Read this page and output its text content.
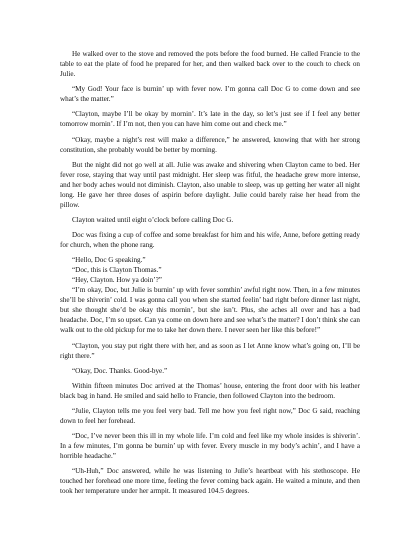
He walked over to the stove and removed the pots before the food burned. He called Francie to the table to eat the plate of food he prepared for her, and then walked back over to the couch to check on Julie.

“My God! Your face is burnin’ up with fever now. I’m gonna call Doc G to come down and see what’s the matter.”

“Clayton, maybe I’ll be okay by mornin’. It’s late in the day, so let’s just see if I feel any better tomorrow mornin’. If I’m not, then you can have him come out and check me.”

“Okay, maybe a night’s rest will make a difference,” he answered, knowing that with her strong constitution, she probably would be better by morning.

But the night did not go well at all. Julie was awake and shivering when Clayton came to bed. Her fever rose, staying that way until past midnight. Her sleep was fitful, the headache grew more intense, and her body aches would not diminish. Clayton, also unable to sleep, was up getting her water all night long. He gave her three doses of aspirin before daylight. Julie could barely raise her head from the pillow.

Clayton waited until eight o’clock before calling Doc G.

Doc was fixing a cup of coffee and some breakfast for him and his wife, Anne, before getting ready for church, when the phone rang.

“Hello, Doc G speaking.”

“Doc, this is Clayton Thomas.”

“Hey, Clayton. How ya doin’?”

“I’m okay, Doc, but Julie is burnin’ up with fever somthin’ awful right now. Then, in a few minutes she’ll be shiverin’ cold. I was gonna call you when she started feelin’ bad right before dinner last night, but she thought she’d be okay this mornin’, but she isn’t. Plus, she aches all over and has a bad headache. Doc, I’m so upset. Can ya come on down here and see what’s the matter? I don’t think she can walk out to the old pickup for me to take her down there. I never seen her like this before!”

“Clayton, you stay put right there with her, and as soon as I let Anne know what’s going on, I’ll be right there.”

“Okay, Doc. Thanks. Good-bye.”

Within fifteen minutes Doc arrived at the Thomas’ house, entering the front door with his leather black bag in hand. He smiled and said hello to Francie, then followed Clayton into the bedroom.

“Julie, Clayton tells me you feel very bad. Tell me how you feel right now,” Doc G said, reaching down to feel her forehead.

“Doc, I’ve never been this ill in my whole life. I’m cold and feel like my whole insides is shiverin’. In a few minutes, I’m gonna be burnin’ up with fever. Every muscle in my body’s achin’, and I have a horrible headache.”

“Uh-Huh,” Doc answered, while he was listening to Julie’s heartbeat with his stethoscope. He touched her forehead one more time, feeling the fever coming back again. He waited a minute, and then took her temperature under her armpit. It measured 104.5 degrees.
